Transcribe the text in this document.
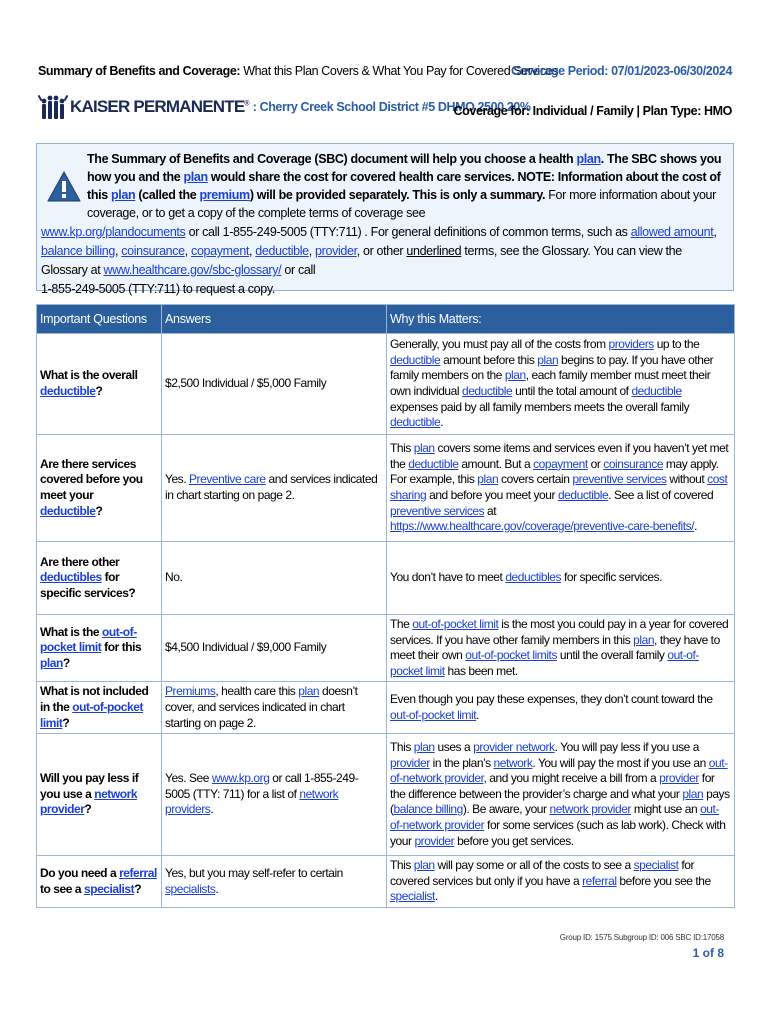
Summary of Benefits and Coverage: What this Plan Covers & What You Pay for Covered Services
Coverage Period: 07/01/2023-06/30/2024
KAISER PERMANENTE® : Cherry Creek School District #5 DHMO 2500 20%
Coverage for: Individual / Family | Plan Type: HMO
The Summary of Benefits and Coverage (SBC) document will help you choose a health plan. The SBC shows you how you and the plan would share the cost for covered health care services. NOTE: Information about the cost of this plan (called the premium) will be provided separately. This is only a summary. For more information about your coverage, or to get a copy of the complete terms of coverage see
www.kp.org/plandocuments or call 1-855-249-5005 (TTY:711) . For general definitions of common terms, such as allowed amount, balance billing, coinsurance, copayment, deductible, provider, or other underlined terms, see the Glossary. You can view the Glossary at www.healthcare.gov/sbc-glossary/ or call
1-855-249-5005 (TTY:711) to request a copy.
Important Questions	Answers	Why this Matters:
What is the overall deductible?	$2,500 Individual / $5,000 Family	Generally, you must pay all of the costs from providers up to the deductible amount before this plan begins to pay. If you have other family members on the plan, each family member must meet their own individual deductible until the total amount of deductible expenses paid by all family members meets the overall family deductible.
Are there services covered before you meet your deductible?	Yes. Preventive care and services indicated in chart starting on page 2.	This plan covers some items and services even if you haven’t yet met the deductible amount. But a copayment or coinsurance may apply. For example, this plan covers certain preventive services without cost sharing and before you meet your deductible. See a list of covered preventive services at https://www.healthcare.gov/coverage/preventive-care-benefits/.
Are there other deductibles for specific services?	No.	You don’t have to meet deductibles for specific services.
What is the out-of-pocket limit for this plan?	$4,500 Individual / $9,000 Family	The out-of-pocket limit is the most you could pay in a year for covered services. If you have other family members in this plan, they have to meet their own out-of-pocket limits until the overall family out-of-pocket limit has been met.
What is not included in the out-of-pocket limit?	Premiums, health care this plan doesn’t cover, and services indicated in chart starting on page 2.	Even though you pay these expenses, they don’t count toward the out-of-pocket limit.
Will you pay less if you use a network provider?	Yes. See www.kp.org or call 1-855-249-5005 (TTY: 711) for a list of network providers.	This plan uses a provider network. You will pay less if you use a provider in the plan’s network. You will pay the most if you use an out-of-network provider, and you might receive a bill from a provider for the difference between the provider’s charge and what your plan pays (balance billing). Be aware, your network provider might use an out-of-network provider for some services (such as lab work). Check with your provider before you get services.
Do you need a referral to see a specialist?	Yes, but you may self-refer to certain specialists.	This plan will pay some or all of the costs to see a specialist for covered services but only if you have a referral before you see the specialist.
Group ID: 1575 Subgroup ID: 006 SBC ID:17058
1 of 8
